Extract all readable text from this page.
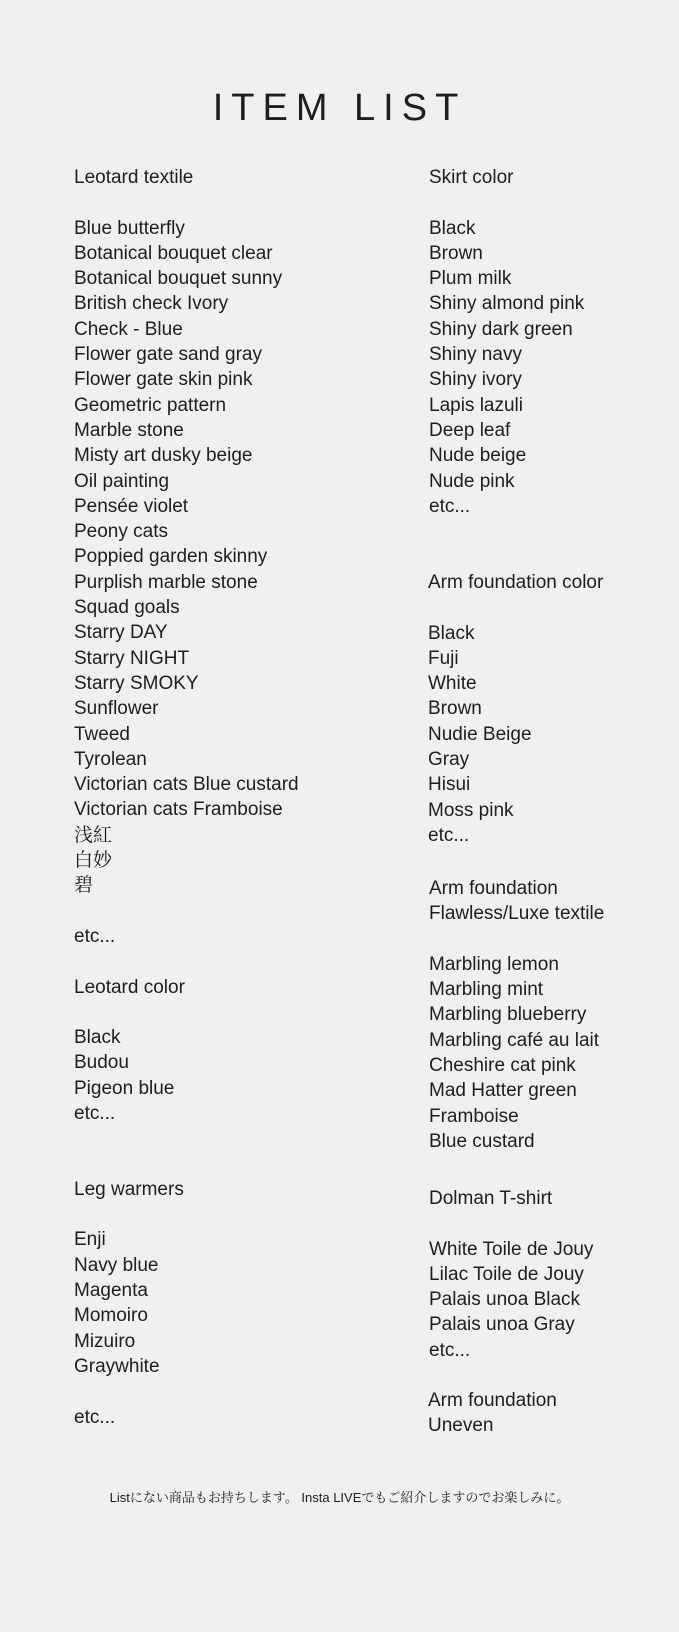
ITEM LIST
Leotard textile
Blue butterfly
Botanical bouquet clear
Botanical bouquet sunny
British check Ivory
Check - Blue
Flower gate sand gray
Flower gate skin pink
Geometric pattern
Marble stone
Misty art dusky beige
Oil painting
Pensée violet
Peony cats
Poppied garden skinny
Purplish marble stone
Squad goals
Starry DAY
Starry NIGHT
Starry SMOKY
Sunflower
Tweed
Tyrolean
Victorian cats Blue custard
Victorian cats Framboise
浅紅
白妙
碧
etc...
Leotard color
Black
Budou
Pigeon blue
etc...
Leg warmers
Enji
Navy blue
Magenta
Momoiro
Mizuiro
Graywhite
etc...
Skirt color
Black
Brown
Plum milk
Shiny almond pink
Shiny dark green
Shiny navy
Shiny ivory
Lapis lazuli
Deep leaf
Nude beige
Nude pink
etc...
Arm foundation color
Black
Fuji
White
Brown
Nudie Beige
Gray
Hisui
Moss pink
etc...
Arm foundation
Flawless/Luxe textile
Marbling lemon
Marbling mint
Marbling blueberry
Marbling café au lait
Cheshire cat pink
Mad Hatter green
Framboise
Blue custard
Dolman T-shirt
White Toile de Jouy
Lilac Toile de Jouy
Palais unoa Black
Palais unoa Gray
etc...
Arm foundation
Uneven
Listにない商品もお持ちします。 Insta LIVEでもご紹介しますのでお楽しみに。
